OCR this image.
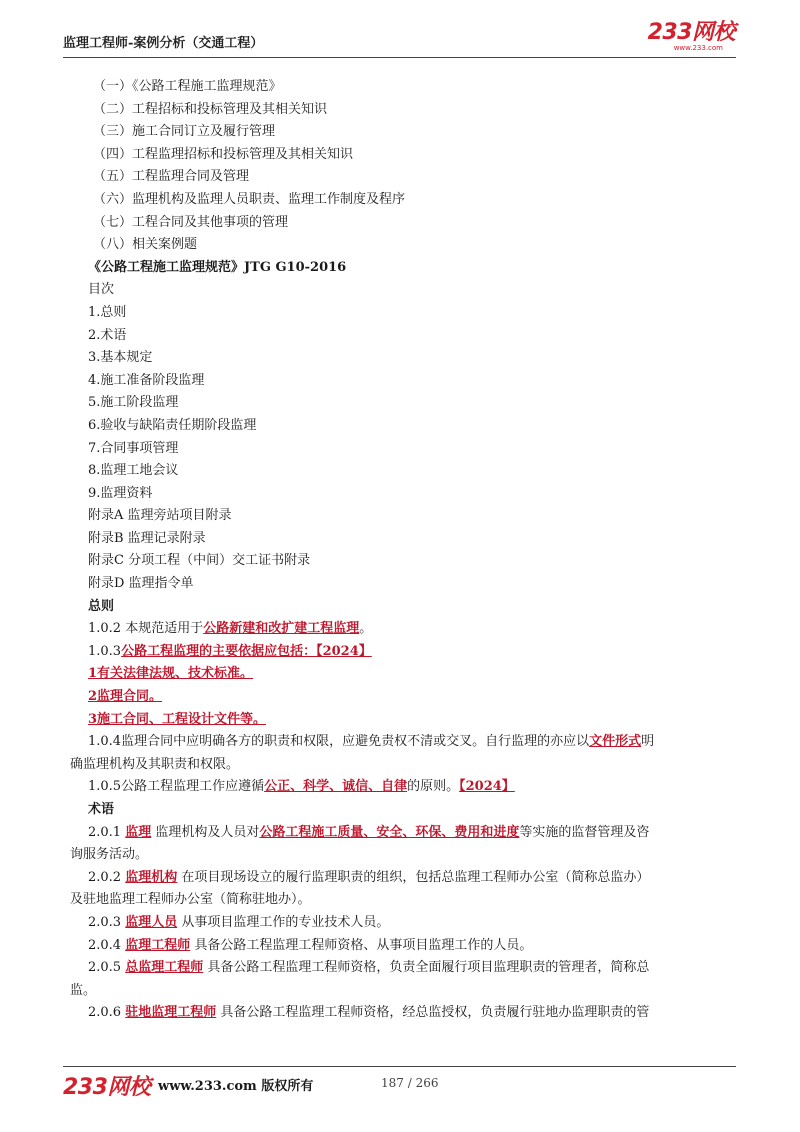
监理工程师-案例分析（交通工程）	233网校
www.233.com
（一）《公路工程施工监理规范》
（二）工程招标和投标管理及其相关知识
（三）施工合同订立及履行管理
（四）工程监理招标和投标管理及其相关知识
（五）工程监理合同及管理
（六）监理机构及监理人员职责、监理工作制度及程序
（七）工程合同及其他事项的管理
（八）相关案例题
《公路工程施工监理规范》JTG G10-2016
目次
1.总则
2.术语
3.基本规定
4.施工准备阶段监理
5.施工阶段监理
6.验收与缺陷责任期阶段监理
7.合同事项管理
8.监理工地会议
9.监理资料
附录A 监理旁站项目附录
附录B 监理记录附录
附录C 分项工程（中间）交工证书附录
附录D 监理指令单
总则
1.0.2 本规范适用于公路新建和改扩建工程监理。
1.0.3公路工程监理的主要依据应包括：【2024】
1有关法律法规、技术标准。
2监理合同。
3施工合同、工程设计文件等。
1.0.4监理合同中应明确各方的职责和权限，应避免责权不清或交叉。自行监理的亦应以文件形式明
确监理机构及其职责和权限。
1.0.5公路工程监理工作应遵循公正、科学、诚信、自律的原则。【2024】
术语
2.0.1 监理 监理机构及人员对公路工程施工质量、安全、环保、费用和进度等实施的监督管理及咨
询服务活动。
2.0.2 监理机构 在项目现场设立的履行监理职责的组织，包括总监理工程师办公室（简称总监办）
及驻地监理工程师办公室（简称驻地办）。
2.0.3 监理人员 从事项目监理工作的专业技术人员。
2.0.4 监理工程师 具备公路工程监理工程师资格、从事项目监理工作的人员。
2.0.5 总监理工程师 具备公路工程监理工程师资格，负责全面履行项目监理职责的管理者，简称总
监。
2.0.6 驻地监理工程师 具备公路工程监理工程师资格，经总监授权，负责履行驻地办监理职责的管
233网校 www.233.com 版权所有	187 / 266
